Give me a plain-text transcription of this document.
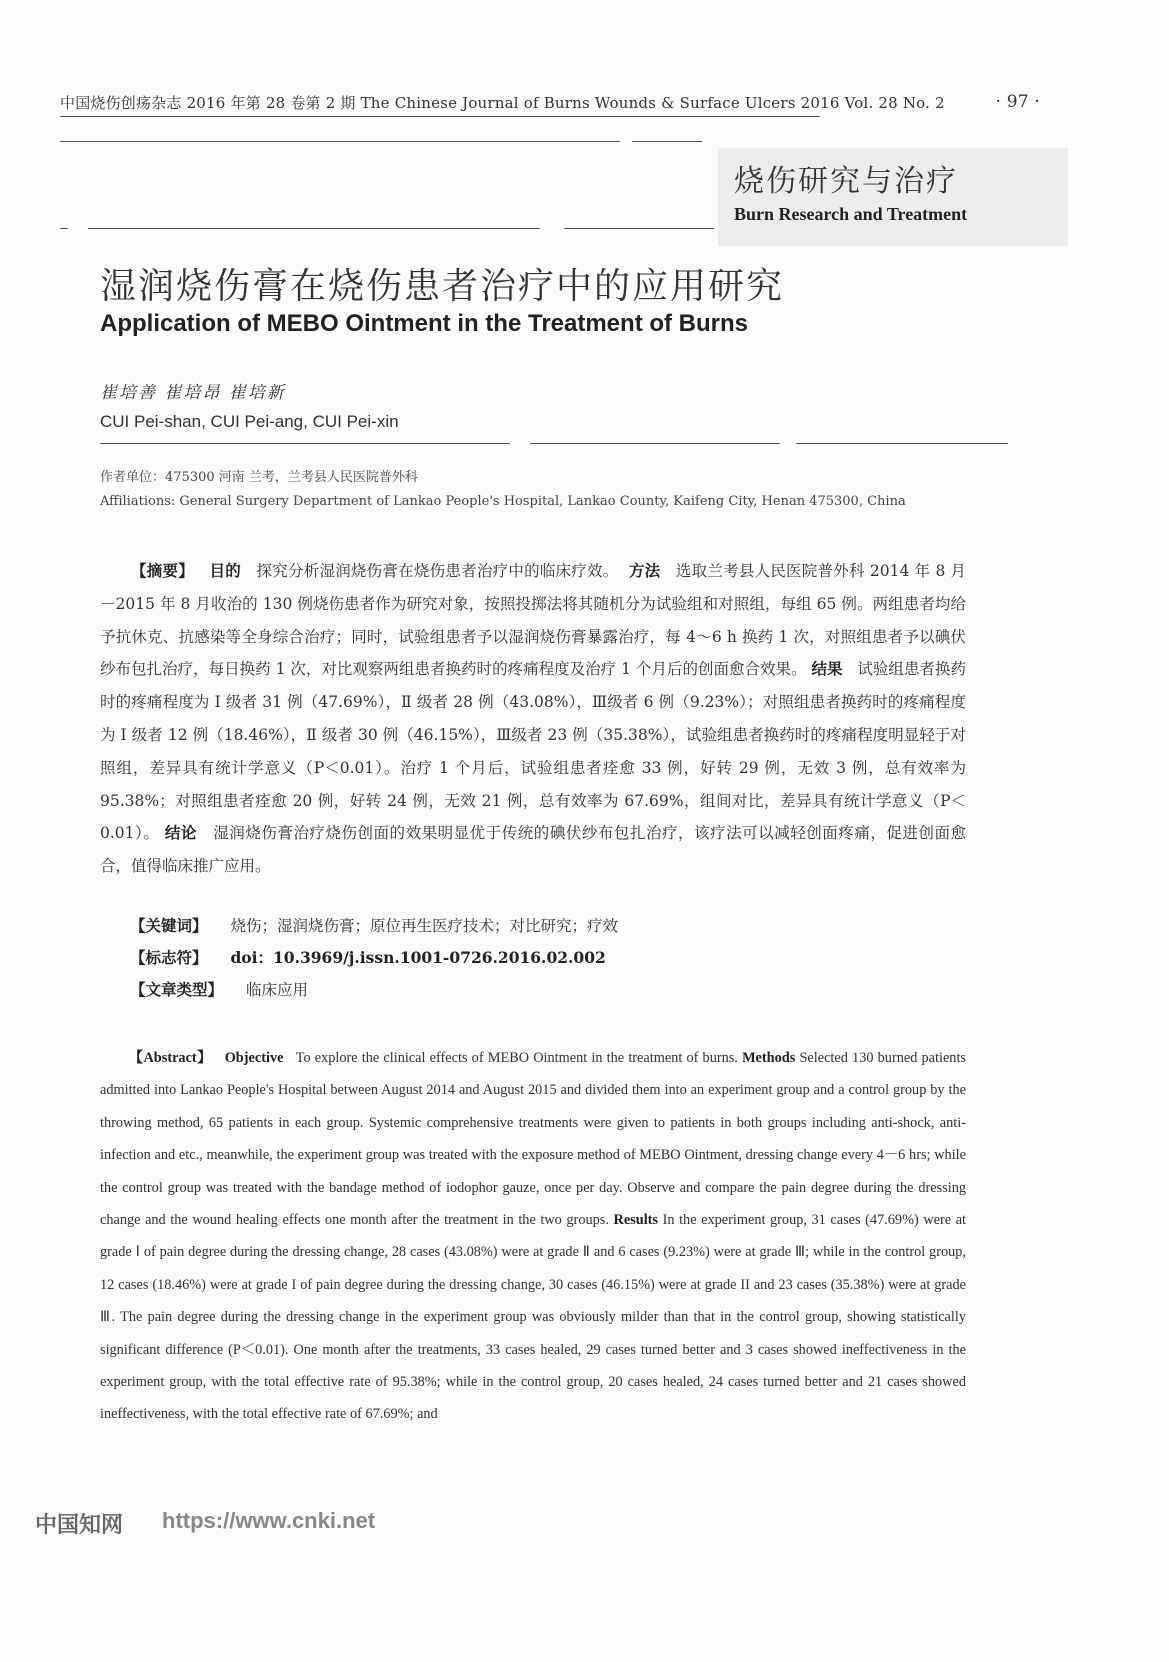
中国烧伤创疡杂志 2016 年第 28 卷第 2 期 The Chinese Journal of Burns Wounds & Surface Ulcers 2016 Vol. 28 No. 2	· 97 ·
烧伤研究与治疗
Burn Research and Treatment
湿润烧伤膏在烧伤患者治疗中的应用研究
Application of MEBO Ointment in the Treatment of Burns
崔培善 崔培昂 崔培新
CUI Pei-shan, CUI Pei-ang, CUI Pei-xin
作者单位：475300 河南 兰考，兰考县人民医院普外科
Affiliations: General Surgery Department of Lankao People's Hospital, Lankao County, Kaifeng City, Henan 475300, China
【摘要】 目的 探究分析湿润烧伤膏在烧伤患者治疗中的临床疗效。 方法 选取兰考县人民医院普外科 2014 年 8 月－2015 年 8 月收治的 130 例烧伤患者作为研究对象，按照投掷法将其随机分为试验组和对照组，每组 65 例。两组患者均给予抗休克、抗感染等全身综合治疗；同时，试验组患者予以湿润烧伤膏暴露治疗，每 4～6 h 换药 1 次，对照组患者予以碘伏纱布包扎治疗，每日换药 1 次，对比观察两组患者换药时的疼痛程度及治疗 1 个月后的创面愈合效果。 结果 试验组患者换药时的疼痛程度为 Ⅰ 级者 31 例（47.69%），Ⅱ 级者 28 例（43.08%），Ⅲ级者 6 例（9.23%）；对照组患者换药时的疼痛程度为 Ⅰ 级者 12 例（18.46%），Ⅱ 级者 30 例（46.15%），Ⅲ级者 23 例（35.38%），试验组患者换药时的疼痛程度明显轻于对照组，差异具有统计学意义（P＜0.01）。治疗 1 个月后，试验组患者痊愈 33 例，好转 29 例，无效 3 例，总有效率为 95.38%；对照组患者痊愈 20 例，好转 24 例，无效 21 例，总有效率为 67.69%，组间对比，差异具有统计学意义（P＜0.01）。 结论 湿润烧伤膏治疗烧伤创面的效果明显优于传统的碘伏纱布包扎治疗，该疗法可以减轻创面疼痛，促进创面愈合，值得临床推广应用。
【关键词】 烧伤；湿润烧伤膏；原位再生医疗技术；对比研究；疗效
【标志符】 doi：10.3969/j.issn.1001-0726.2016.02.002
【文章类型】 临床应用
【Abstract】 Objective To explore the clinical effects of MEBO Ointment in the treatment of burns. Methods Selected 130 burned patients admitted into Lankao People's Hospital between August 2014 and August 2015 and divided them into an experiment group and a control group by the throwing method, 65 patients in each group. Systemic comprehensive treatments were given to patients in both groups including anti-shock, anti-infection and etc., meanwhile, the experiment group was treated with the exposure method of MEBO Ointment, dressing change every 4－6 hrs; while the control group was treated with the bandage method of iodophor gauze, once per day. Observe and compare the pain degree during the dressing change and the wound healing effects one month after the treatment in the two groups. Results In the experiment group, 31 cases (47.69%) were at grade Ⅰ of pain degree during the dressing change, 28 cases (43.08%) were at grade Ⅱ and 6 cases (9.23%) were at grade Ⅲ; while in the control group, 12 cases (18.46%) were at grade I of pain degree during the dressing change, 30 cases (46.15%) were at grade II and 23 cases (35.38%) were at grade Ⅲ. The pain degree during the dressing change in the experiment group was obviously milder than that in the control group, showing statistically significant difference (P＜0.01). One month after the treatments, 33 cases healed, 29 cases turned better and 3 cases showed ineffectiveness in the experiment group, with the total effective rate of 95.38%; while in the control group, 20 cases healed, 24 cases turned better and 21 cases showed ineffectiveness, with the total effective rate of 67.69%; and
中国知网 https://www.cnki.net
